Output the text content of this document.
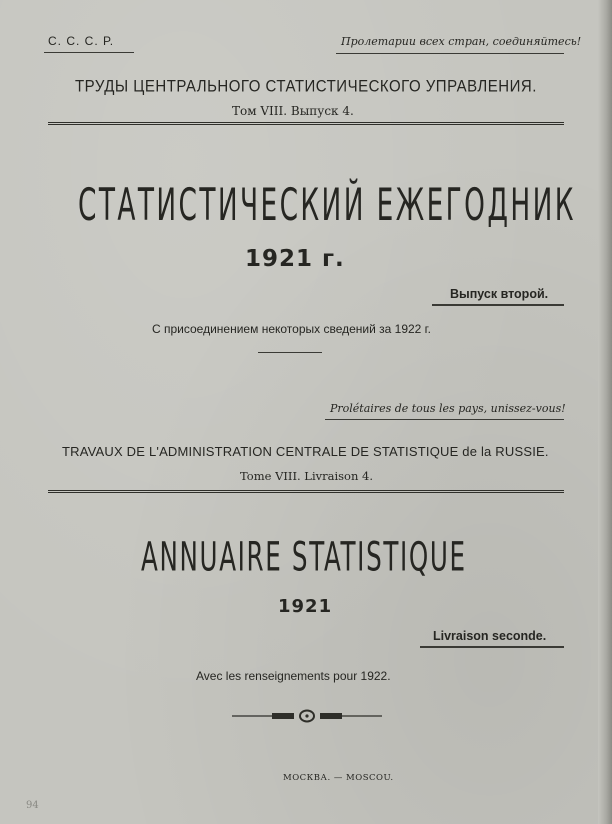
С. С. С. Р.	Пролетарии всех стран, соединяйтесь!
ТРУДЫ ЦЕНТРАЛЬНОГО СТАТИСТИЧЕСКОГО УПРАВЛЕНИЯ.
Том VIII. Выпуск 4.
СТАТИСТИЧЕСКИЙ ЕЖЕГОДНИК
1921 г.
Выпуск второй.
С присоединением некоторых сведений за 1922 г.
Prolétaires de tous les pays, unissez-vous!
TRAVAUX DE L'ADMINISTRATION CENTRALE DE STATISTIQUE de la RUSSIE.
Tome VIII. Livraison 4.
ANNUAIRE STATISTIQUE
1921
Livraison seconde.
Avec les renseignements pour 1922.
МОСКВА. — MOSCOU.
94
